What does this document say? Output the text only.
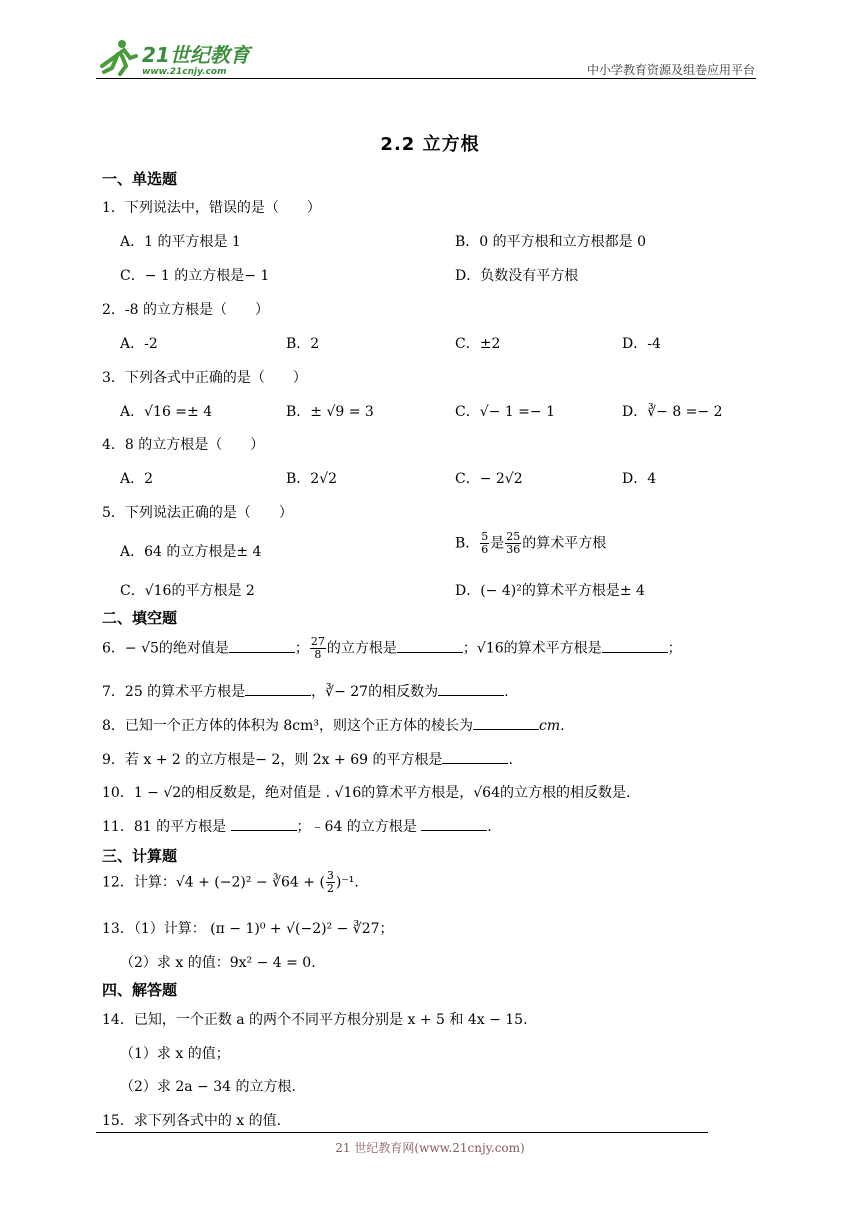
21世纪教育
www.21cnjy.com	中小学教育资源及组卷应用平台
2.2 立方根
一、单选题
1．下列说法中，错误的是（　　）
A．1 的平方根是 1	B．0 的平方根和立方根都是 0
C．− 1 的立方根是− 1	D．负数没有平方根
2．-8 的立方根是（　　）
A．-2	B．2	C．±2	D．-4
3．下列各式中正确的是（　　）
A．√16 =± 4	B．± √9 = 3	C．√− 1 =− 1	D．∛− 8 =− 2
4．8 的立方根是（　　）
A．2	B．2√2	C．− 2√2	D．4
5．下列说法正确的是（　　）
A．64 的立方根是± 4
B． $\frac{5}{6}$ 是 $\frac{25}{36}$ 的算术平方根
C．√16的平方根是 2	D．(− 4)²的算术平方根是± 4
二、填空题
6．− √5的绝对值是	； $\frac{27}{8}$ 的立方根是	；√16的算术平方根是	；
7．25 的算术平方根是	，∛− 27的相反数为	.
8．已知一个正方体的体积为 8cm³，则这个正方体的棱长为	cm.
9．若 x + 2 的立方根是− 2，则 2x + 69 的平方根是	.
10．1 − √2的相反数是，绝对值是 . √16的算术平方根是，√64的立方根的相反数是.
11．81 的平方根是	；﹣64 的立方根是	.
三、计算题
12．计算：√4 + (−2)² − ∛64 + ( $\frac{3}{2} )^{-1}$.
13．（1）计算： (π − 1)⁰ + √(−2)² − ∛27；
（2）求 x 的值：9x² − 4 = 0.
四、解答题
14．已知，一个正数 a 的两个不同平方根分别是 x + 5 和 4x − 15.
（1）求 x 的值；
（2）求 2a − 34 的立方根.
15．求下列各式中的 x 的值.
21 世纪教育网(www.21cnjy.com)
